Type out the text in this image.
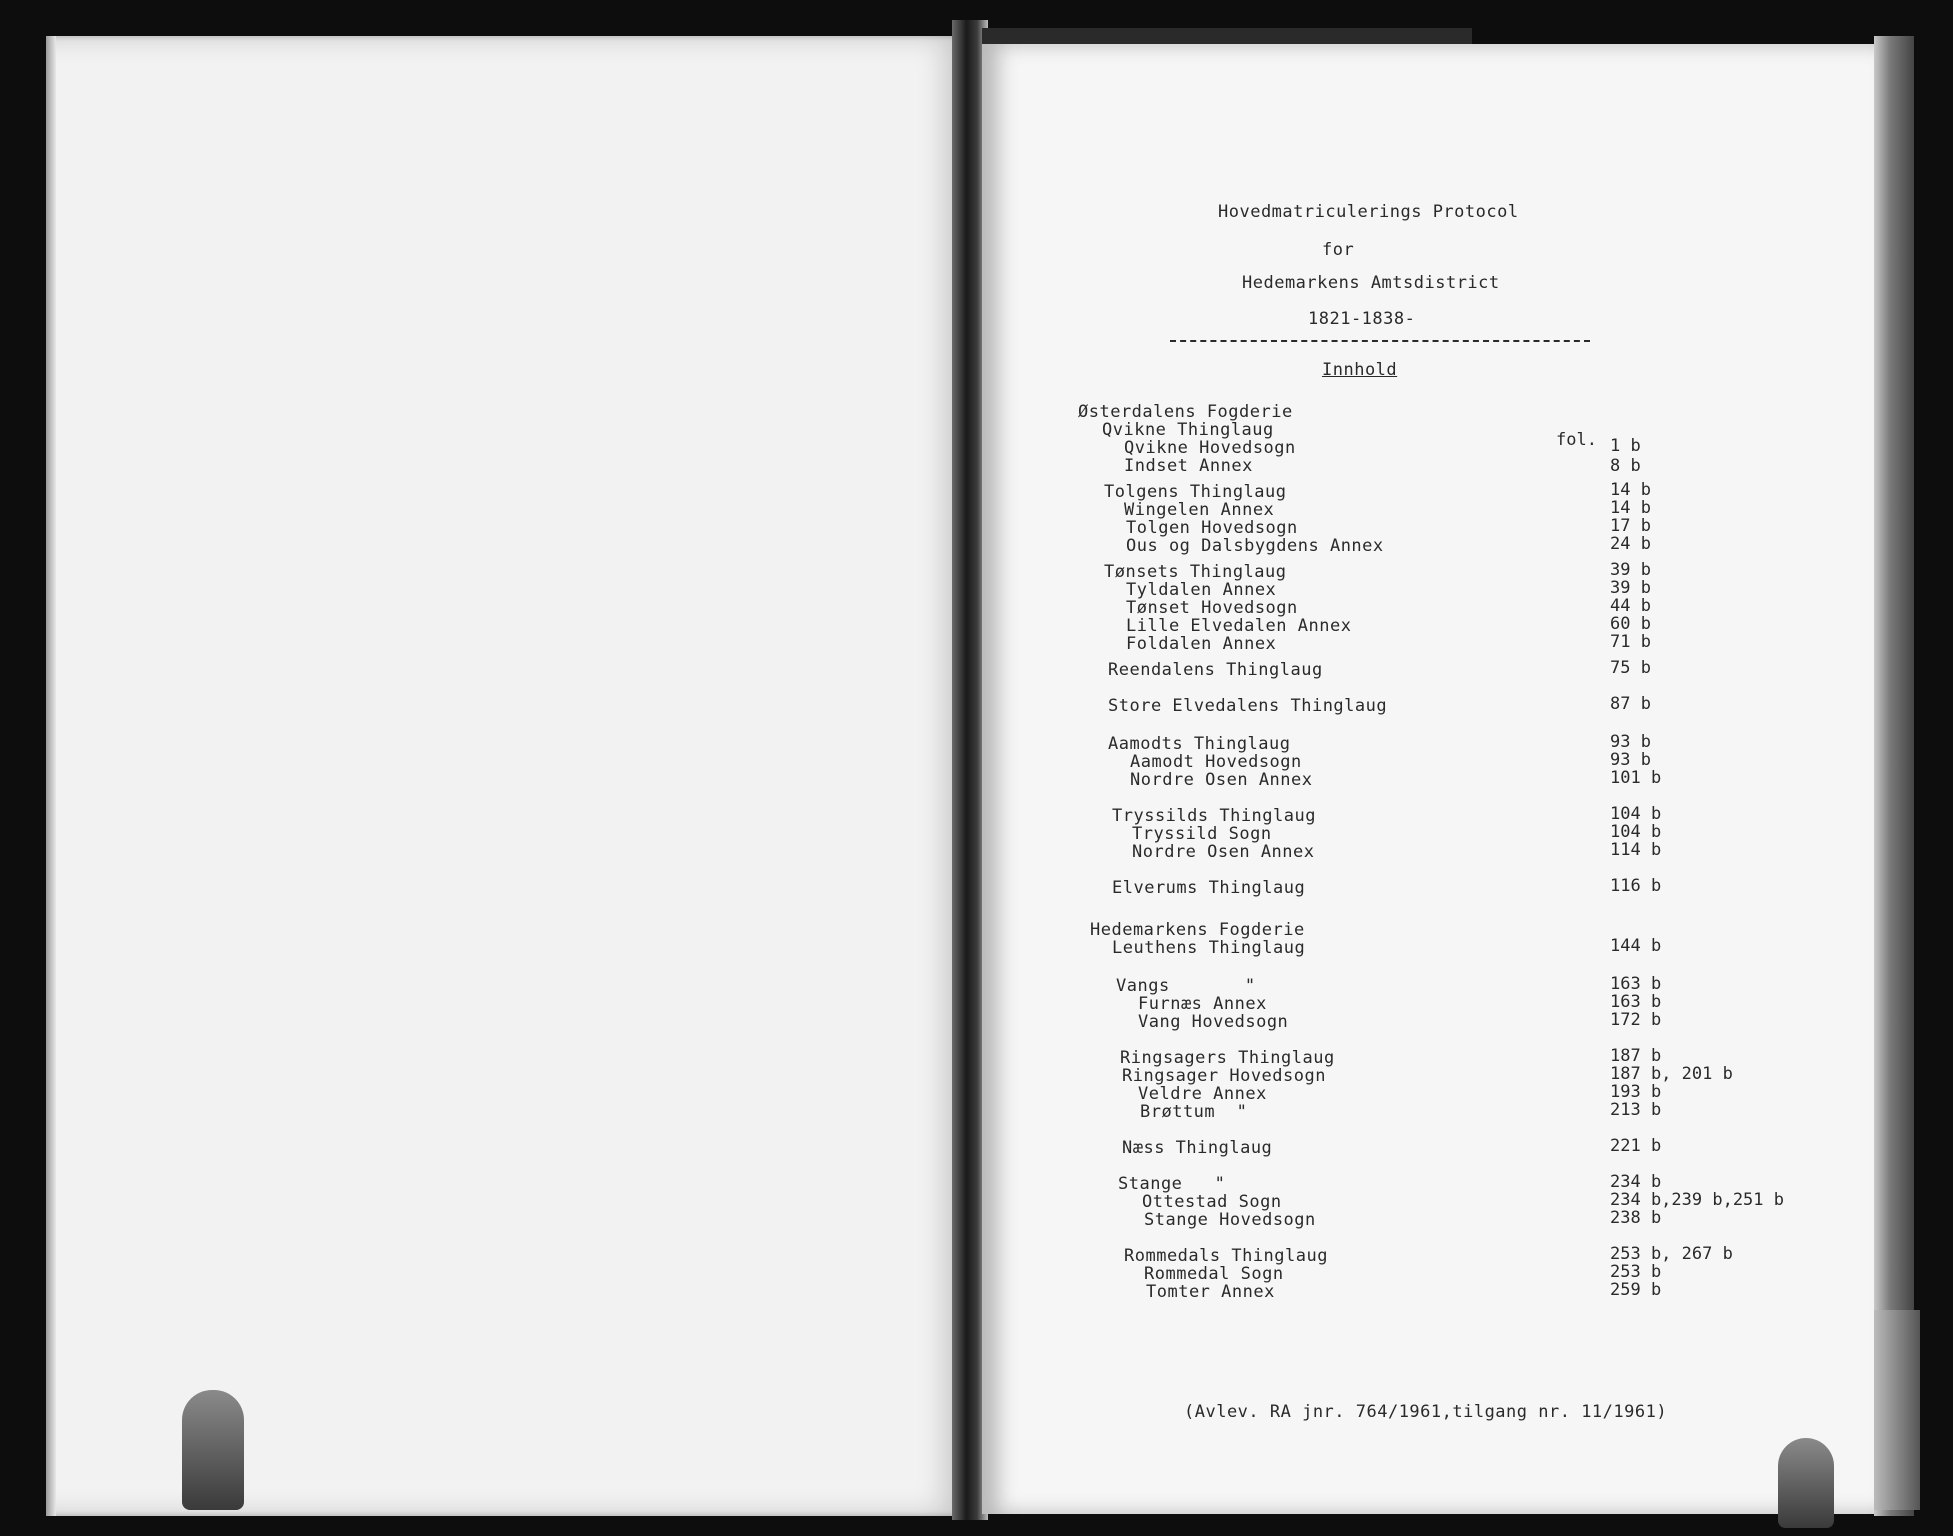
Hovedmatriculerings Protocol
for
Hedemarkens Amtsdistrict
1821-1838-
Innhold
fol.
Østerdalens Fogderie
Qvikne Thinglaug
Qvikne Hovedsogn	1 b
Indset Annex	8 b
Tolgens Thinglaug	14 b
Wingelen Annex	14 b
Tolgen Hovedsogn	17 b
Ous og Dalsbygdens Annex	24 b
Tønsets Thinglaug	39 b
Tyldalen Annex	39 b
Tønset Hovedsogn	44 b
Lille Elvedalen Annex	60 b
Foldalen Annex	71 b
Reendalens Thinglaug	75 b
Store Elvedalens Thinglaug	87 b
Aamodts Thinglaug	93 b
Aamodt Hovedsogn	93 b
Nordre Osen Annex	101 b
Tryssilds Thinglaug	104 b
Tryssild Sogn	104 b
Nordre Osen Annex	114 b
Elverums Thinglaug	116 b
Hedemarkens Fogderie
Leuthens Thinglaug	144 b
Vangs       "	163 b
Furnæs Annex	163 b
Vang Hovedsogn	172 b
Ringsagers Thinglaug	187 b
Ringsager Hovedsogn	187 b, 201 b
Veldre Annex	193 b
Brøttum  "	213 b
Næss Thinglaug	221 b
Stange   "	234 b
Ottestad Sogn	234 b,239 b,251 b
Stange Hovedsogn	238 b
Rommedals Thinglaug	253 b, 267 b
Rommedal Sogn	253 b
Tomter Annex	259 b
(Avlev. RA jnr. 764/1961,tilgang nr. 11/1961)
